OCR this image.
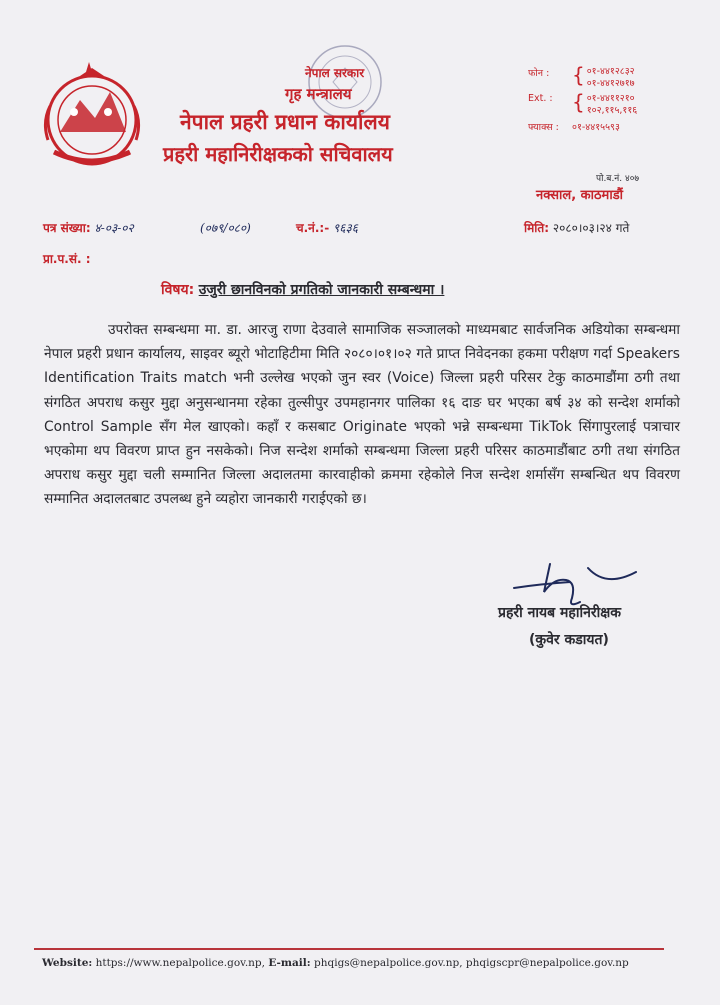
नेपाल सरकार
गृह मन्त्रालय
नेपाल प्रहरी प्रधान कार्यालय
प्रहरी महानिरीक्षकको सचिवालय
फोन :	{ ०१-४४१२८३२
०१-४४१२७१७
Ext. : { ०१-४४११२१०
१०२,११५,११६
फ्याक्स :	०१-४४१५५९३
पो.ब.नं. ४०७
नक्साल, काठमाडौं
पत्र संख्या: ४-०३-०२	(०७९/०८०)	च.नं.:- ९६३६	मिति: २०८०।०३।२४ गते
प्रा.प.सं. :
विषय: उजुरी छानविनको प्रगतिको जानकारी सम्बन्धमा ।
उपरोक्त सम्बन्धमा मा. डा. आरजु राणा देउवाले सामाजिक सञ्जालको माध्यमबाट सार्वजनिक अडियोका सम्बन्धमा नेपाल प्रहरी प्रधान कार्यालय, साइवर ब्यूरो भोटाहिटीमा मिति २०८०।०१।०२ गते प्राप्त निवेदनका हकमा परीक्षण गर्दा Speakers Identification Traits match भनी उल्लेख भएको जुन स्वर (Voice) जिल्ला प्रहरी परिसर टेकु काठमाडौंमा ठगी तथा संगठित अपराध कसुर मुद्दा अनुसन्धानमा रहेका तुल्सीपुर उपमहानगर पालिका १६ दाङ घर भएका बर्ष ३४ को सन्देश शर्माको Control Sample सँग मेल खाएको। कहाँ र कसबाट Originate भएको भन्ने सम्बन्धमा TikTok सिंगापुरलाई पत्राचार भएकोमा थप विवरण प्राप्त हुन नसकेको। निज सन्देश शर्माको सम्बन्धमा जिल्ला प्रहरी परिसर काठमाडौंबाट ठगी तथा संगठित अपराध कसुर मुद्दा चली सम्मानित जिल्ला अदालतमा कारवाहीको क्रममा रहेकोले निज सन्देश शर्मासँग सम्बन्धित थप विवरण सम्मानित अदालतबाट उपलब्ध हुने व्यहोरा जानकारी गराईएको छ।
प्रहरी नायब महानिरीक्षक
(कुवेर कडायत)
Website: https://www.nepalpolice.gov.np, E-mail: phqigs@nepalpolice.gov.np, phqigscpr@nepalpolice.gov.np
